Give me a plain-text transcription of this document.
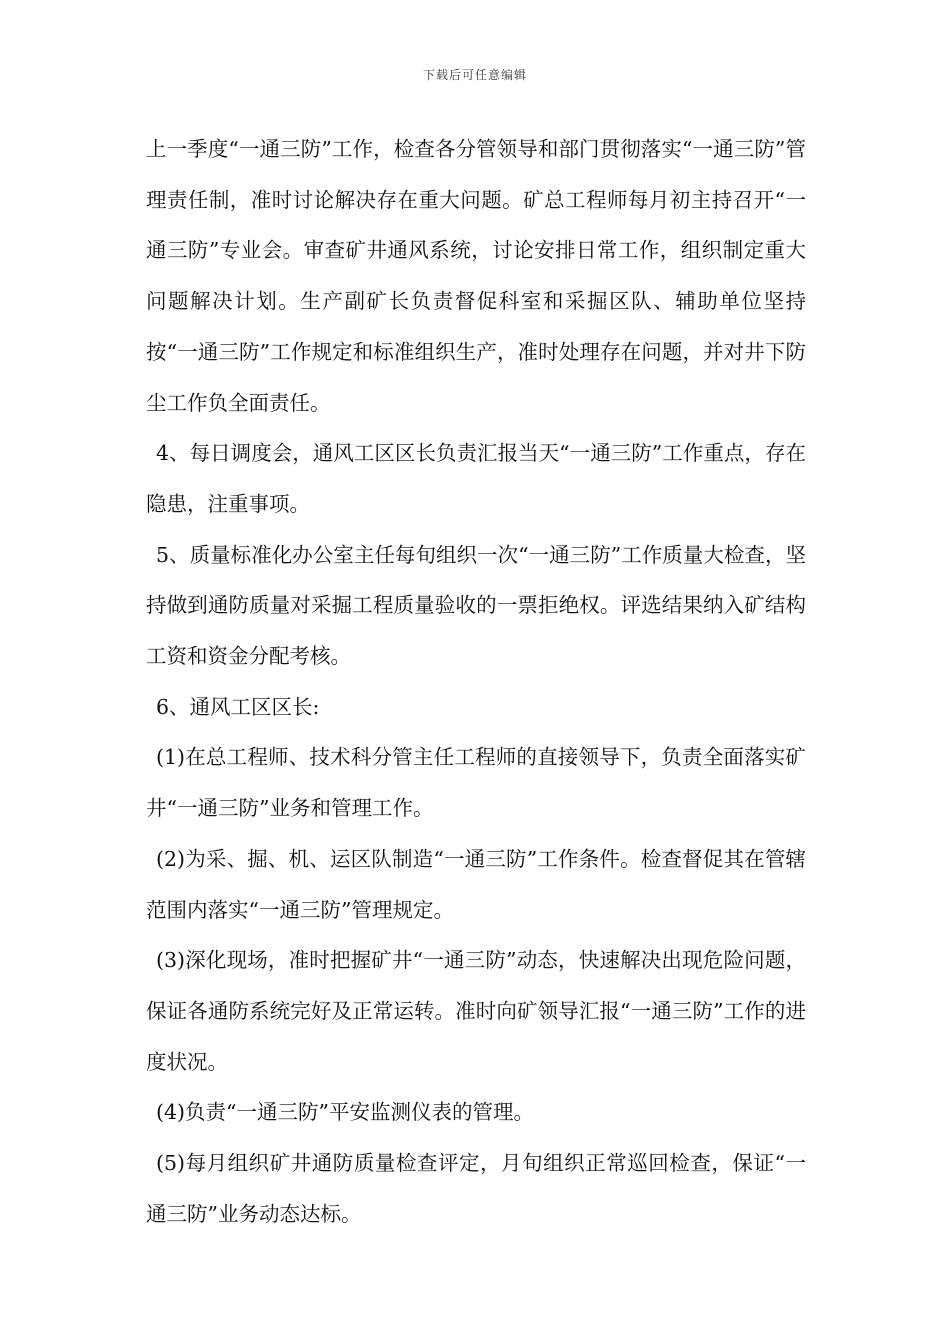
下载后可任意编辑

上一季度“一通三防”工作，检查各分管领导和部门贯彻落实“一通三防”管理责任制，准时讨论解决存在重大问题。矿总工程师每月初主持召开“一通三防”专业会。审查矿井通风系统，讨论安排日常工作，组织制定重大问题解决计划。生产副矿长负责督促科室和采掘区队、辅助单位坚持按“一通三防”工作规定和标准组织生产，准时处理存在问题，并对井下防尘工作负全面责任。

4、每日调度会，通风工区区长负责汇报当天“一通三防”工作重点，存在隐患，注重事项。

5、质量标准化办公室主任每旬组织一次“一通三防”工作质量大检查，坚持做到通防质量对采掘工程质量验收的一票拒绝权。评选结果纳入矿结构工资和资金分配考核。

6、通风工区区长:

(1)在总工程师、技术科分管主任工程师的直接领导下，负责全面落实矿井“一通三防”业务和管理工作。

(2)为采、掘、机、运区队制造“一通三防”工作条件。检查督促其在管辖范围内落实“一通三防”管理规定。

(3)深化现场，准时把握矿井“一通三防”动态，快速解决出现危险问题，保证各通防系统完好及正常运转。准时向矿领导汇报“一通三防”工作的进度状况。

(4)负责“一通三防”平安监测仪表的管理。

(5)每月组织矿井通防质量检查评定，月旬组织正常巡回检查，保证“一通三防”业务动态达标。
